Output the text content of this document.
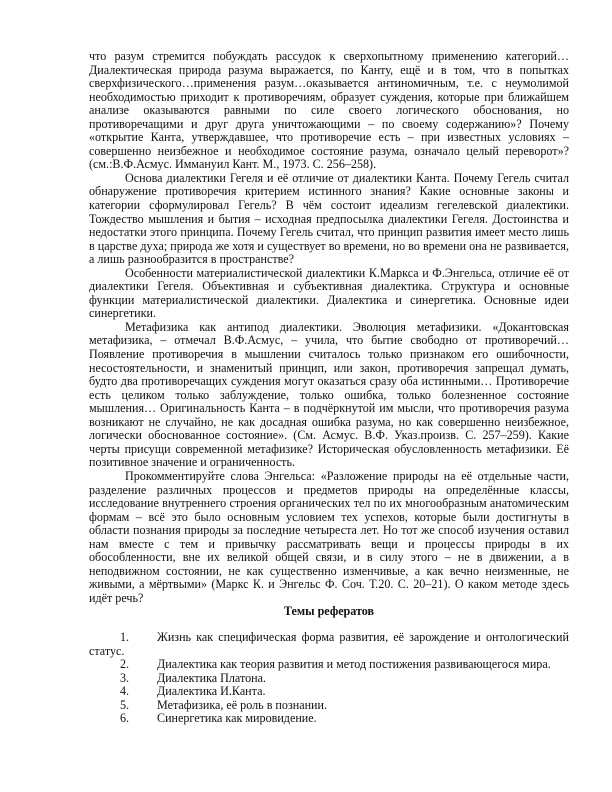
что разум стремится побуждать рассудок к сверхопытному применению категорий… Диалектическая природа разума выражается, по Канту, ещё и в том, что в попытках сверхфизического…применения разум…оказывается антиномичным, т.е. с неумолимой необходимостью приходит к противоречиям, образует суждения, которые при ближайшем анализе оказываются равными по силе своего логического обоснования, но противоречащими и друг друга уничтожающими – по своему содержанию»? Почему «открытие Канта, утверждавшее, что противоречие есть – при известных условиях – совершенно неизбежное и необходимое состояние разума, означало целый переворот»? (см.:В.Ф.Асмус. Иммануил Кант. М., 1973. С. 256–258).

Основа диалектики Гегеля и её отличие от диалектики Канта. Почему Гегель считал обнаружение противоречия критерием истинного знания? Какие основные законы и категории сформулировал Гегель? В чём состоит идеализм гегелевской диалектики. Тождество мышления и бытия – исходная предпосылка диалектики Гегеля. Достоинства и недостатки этого принципа. Почему Гегель считал, что принцип развития имеет место лишь в царстве духа; природа же хотя и существует во времени, но во времени она не развивается, а лишь разнообразится в пространстве?

Особенности материалистической диалектики К.Маркса и Ф.Энгельса, отличие её от диалектики Гегеля. Объективная и субъективная диалектика. Структура и основные функции материалистической диалектики. Диалектика и синергетика. Основные идеи синергетики.

Метафизика как антипод диалектики. Эволюция метафизики. «Докантовская метафизика, – отмечал В.Ф.Асмус, – учила, что бытие свободно от противоречий…Появление противоречия в мышлении считалось только признаком его ошибочности, несостоятельности, и знаменитый принцип, или закон, противоречия запрещал думать, будто два противоречащих суждения могут оказаться сразу оба истинными… Противоречие есть целиком только заблуждение, только ошибка, только болезненное состояние мышления… Оригинальность Канта – в подчёркнутой им мысли, что противоречия разума возникают не случайно, не как досадная ошибка разума, но как совершенно неизбежное, логически обоснованное состояние». (См. Асмус. В.Ф. Указ.произв. С. 257–259). Какие черты присущи современной метафизике? Историческая обусловленность метафизики. Её позитивное значение и ограниченность.

Прокомментируйте слова Энгельса: «Разложение природы на её отдельные части, разделение различных процессов и предметов природы на определённые классы, исследование внутреннего строения органических тел по их многообразным анатомическим формам – всё это было основным условием тех успехов, которые были достигнуты в области познания природы за последние четыреста лет. Но тот же способ изучения оставил нам вместе с тем и привычку рассматривать вещи и процессы природы в их обособленности, вне их великой общей связи, и в силу этого – не в движении, а в неподвижном состоянии, не как существенно изменчивые, а как вечно неизменные, не живыми, а мёртвыми» (Маркс К. и Энгельс Ф. Соч. Т.20. С. 20–21). О каком методе здесь идёт речь?

Темы рефератов
1. Жизнь как специфическая форма развития, её зарождение и онтологический статус.
2. Диалектика как теория развития и метод постижения развивающегося мира.
3. Диалектика Платона.
4. Диалектика И.Канта.
5. Метафизика, её роль в познании.
6. Синергетика как мировидение.
